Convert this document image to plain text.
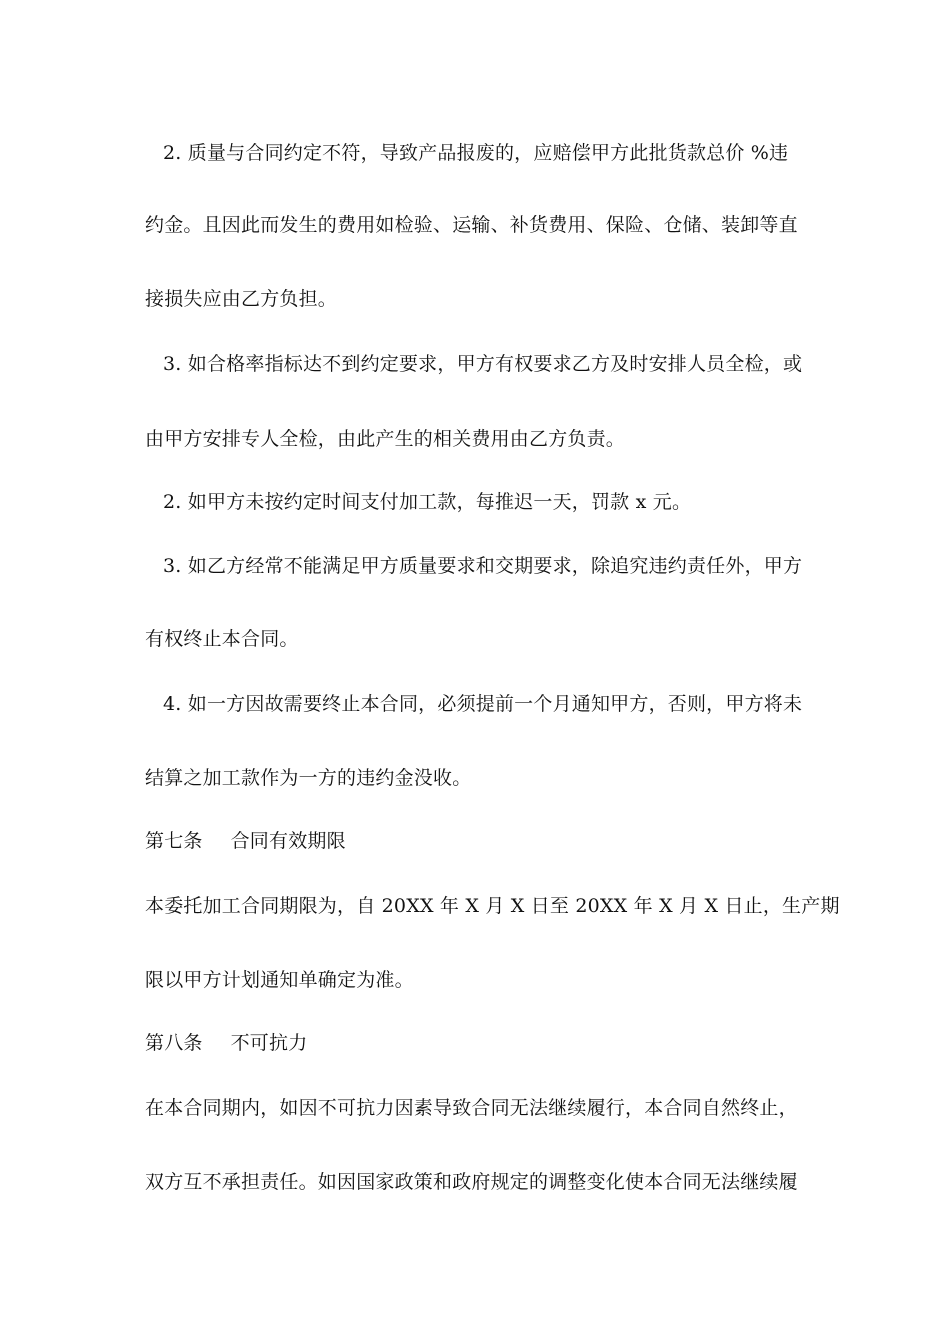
2. 质量与合同约定不符，导致产品报废的，应赔偿甲方此批货款总价 %违
约金。且因此而发生的费用如检验、运输、补货费用、保险、仓储、装卸等直
接损失应由乙方负担。
3. 如合格率指标达不到约定要求，甲方有权要求乙方及时安排人员全检，或
由甲方安排专人全检，由此产生的相关费用由乙方负责。
2. 如甲方未按约定时间支付加工款，每推迟一天，罚款 x 元。
3. 如乙方经常不能满足甲方质量要求和交期要求，除追究违约责任外，甲方
有权终止本合同。
4. 如一方因故需要终止本合同，必须提前一个月通知甲方，否则，甲方将未
结算之加工款作为一方的违约金没收。
第七条 合同有效期限
本委托加工合同期限为，自 20XX 年 X 月 X 日至 20XX 年 X 月 X 日止，生产期
限以甲方计划通知单确定为准。
第八条 不可抗力
在本合同期内，如因不可抗力因素导致合同无法继续履行，本合同自然终止，
双方互不承担责任。如因国家政策和政府规定的调整变化使本合同无法继续履
